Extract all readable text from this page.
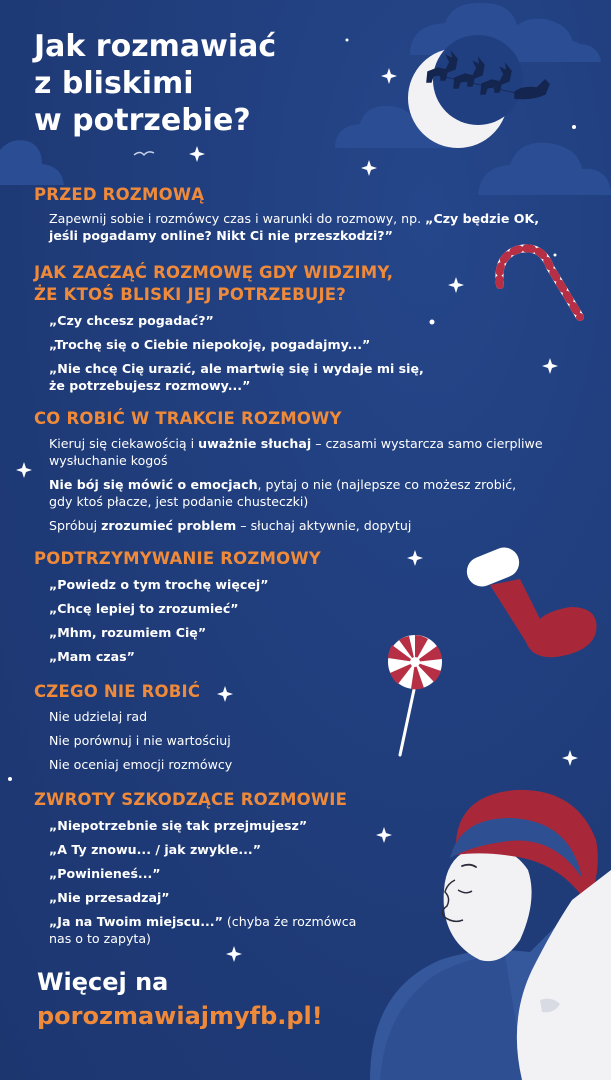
Jak rozmawiać
z bliskimi
w potrzebie?
PRZED ROZMOWĄ

Zapewnij sobie i rozmówcy czas i warunki do rozmowy, np. „Czy będzie OK,
jeśli pogadamy online? Nikt Ci nie przeszkodzi?”

JAK ZACZĄĆ ROZMOWĘ GDY WIDZIMY,
ŻE KTOŚ BLISKI JEJ POTRZEBUJE?

„Czy chcesz pogadać?”

„Trochę się o Ciebie niepokoję, pogadajmy...”

„Nie chcę Cię urazić, ale martwię się i wydaje mi się,
że potrzebujesz rozmowy...”

CO ROBIĆ W TRAKCIE ROZMOWY

Kieruj się ciekawością i uważnie słuchaj – czasami wystarcza samo cierpliwe
wysłuchanie kogoś

Nie bój się mówić o emocjach, pytaj o nie (najlepsze co możesz zrobić,
gdy ktoś płacze, jest podanie chusteczki)

Spróbuj zrozumieć problem – słuchaj aktywnie, dopytuj

PODTRZYMYWANIE ROZMOWY

„Powiedz o tym trochę więcej”

„Chcę lepiej to zrozumieć”

„Mhm, rozumiem Cię”

„Mam czas”

CZEGO NIE ROBIĆ

Nie udzielaj rad

Nie porównuj i nie wartościuj

Nie oceniaj emocji rozmówcy

ZWROTY SZKODZĄCE ROZMOWIE

„Niepotrzebnie się tak przejmujesz”

„A Ty znowu... / jak zwykle...”

„Powinieneś...”

„Nie przesadzaj”

„Ja na Twoim miejscu...” (chyba że rozmówca
nas o to zapyta)

Więcej na
porozmawiajmyfb.pl!
